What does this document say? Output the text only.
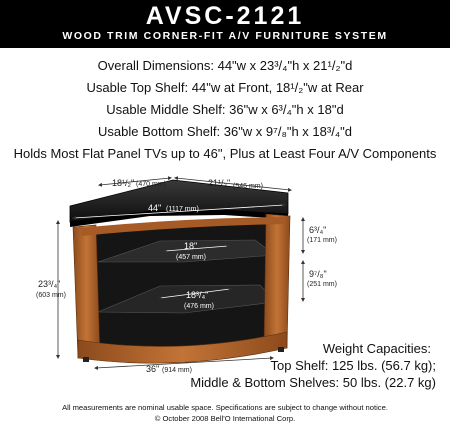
AVSC-2121
WOOD TRIM CORNER-FIT A/V FURNITURE SYSTEM
Overall Dimensions: 44"w x 23³/₄"h x 21¹/₂"d
Usable Top Shelf: 44"w at Front, 18¹/₂"w at Rear
Usable Middle Shelf: 36"w x 6³/₄"h x 18"d
Usable Bottom Shelf: 36"w x 9⁷/₈"h x 18³/₄"d
Holds Most Flat Panel TVs up to 46", Plus at Least Four A/V Components
18¹/₂" (470 mm)	21¹/₂" (546 mm)
44" (1117 mm)
23³/₄"
(603 mm)
6³/₄"
(171 mm)
9⁷/₈"
(251 mm)
18"
(457 mm)
18³/₄"
(476 mm)
36" (914 mm)
Weight Capacities:
Top Shelf: 125 lbs. (56.7 kg);
Middle & Bottom Shelves: 50 lbs. (22.7 kg)
All measurements are nominal usable space. Specifications are subject to change without notice.
© October 2008 Bell'O International Corp.
